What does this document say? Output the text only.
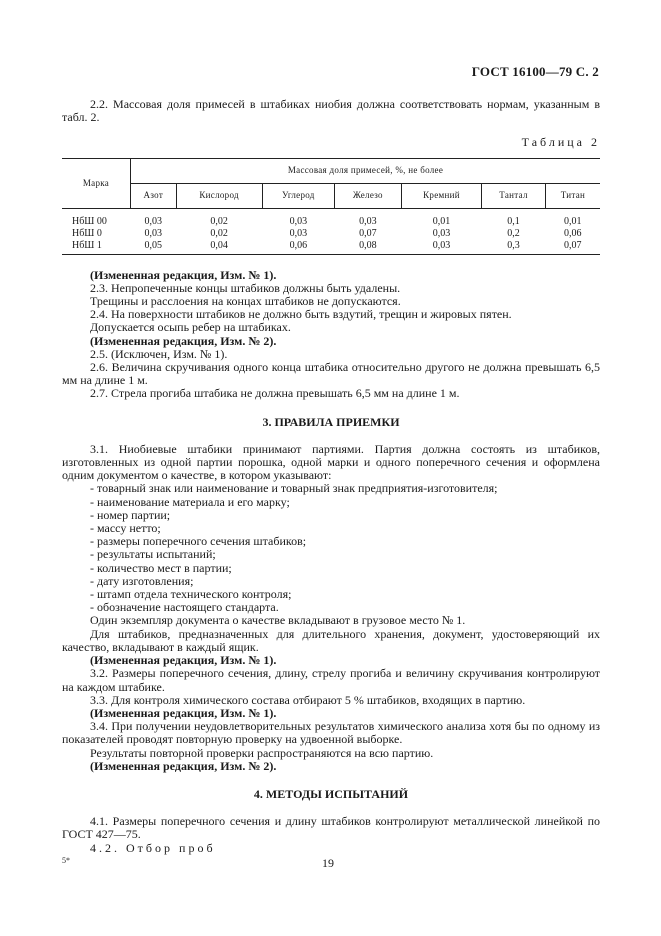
ГОСТ 16100—79 С. 2

2.2. Массовая доля примесей в штабиках ниобия должна соответствовать нормам, указанным в табл. 2.

Таблица 2
Марка	Массовая доля примесей, %, не более						
	Азот	Кислород	Углерод	Железо	Кремний	Тантал	Титан
НбШ 00	0,03	0,02	0,03	0,03	0,01	0,1	0,01
НбШ 0	0,03	0,02	0,03	0,07	0,03	0,2	0,06
НбШ 1	0,05	0,04	0,06	0,08	0,03	0,3	0,07

(Измененная редакция, Изм. № 1).

2.3. Непропеченные концы штабиков должны быть удалены.

Трещины и расслоения на концах штабиков не допускаются.

2.4. На поверхности штабиков не должно быть вздутий, трещин и жировых пятен.

Допускается осыпь ребер на штабиках.

(Измененная редакция, Изм. № 2).

2.5. (Исключен, Изм. № 1).

2.6. Величина скручивания одного конца штабика относительно другого не должна превышать 6,5 мм на длине 1 м.

2.7. Стрела прогиба штабика не должна превышать 6,5 мм на длине 1 м.

3. ПРАВИЛА ПРИЕМКИ

3.1. Ниобиевые штабики принимают партиями. Партия должна состоять из штабиков, изготовленных из одной партии порошка, одной марки и одного поперечного сечения и оформлена одним документом о качестве, в котором указывают:

- товарный знак или наименование и товарный знак предприятия-изготовителя;

- наименование материала и его марку;

- номер партии;

- массу нетто;

- размеры поперечного сечения штабиков;

- результаты испытаний;

- количество мест в партии;

- дату изготовления;

- штамп отдела технического контроля;

- обозначение настоящего стандарта.

Один экземпляр документа о качестве вкладывают в грузовое место № 1.

Для штабиков, предназначенных для длительного хранения, документ, удостоверяющий их качество, вкладывают в каждый ящик.

(Измененная редакция, Изм. № 1).

3.2. Размеры поперечного сечения, длину, стрелу прогиба и величину скручивания контролируют на каждом штабике.

3.3. Для контроля химического состава отбирают 5 % штабиков, входящих в партию.

(Измененная редакция, Изм. № 1).

3.4. При получении неудовлетворительных результатов химического анализа хотя бы по одному из показателей проводят повторную проверку на удвоенной выборке.

Результаты повторной проверки распространяются на всю партию.

(Измененная редакция, Изм. № 2).

4. МЕТОДЫ ИСПЫТАНИЙ

4.1. Размеры поперечного сечения и длину штабиков контролируют металлической линейкой по ГОСТ 427—75.

4.2. Отбор проб

5*	19
